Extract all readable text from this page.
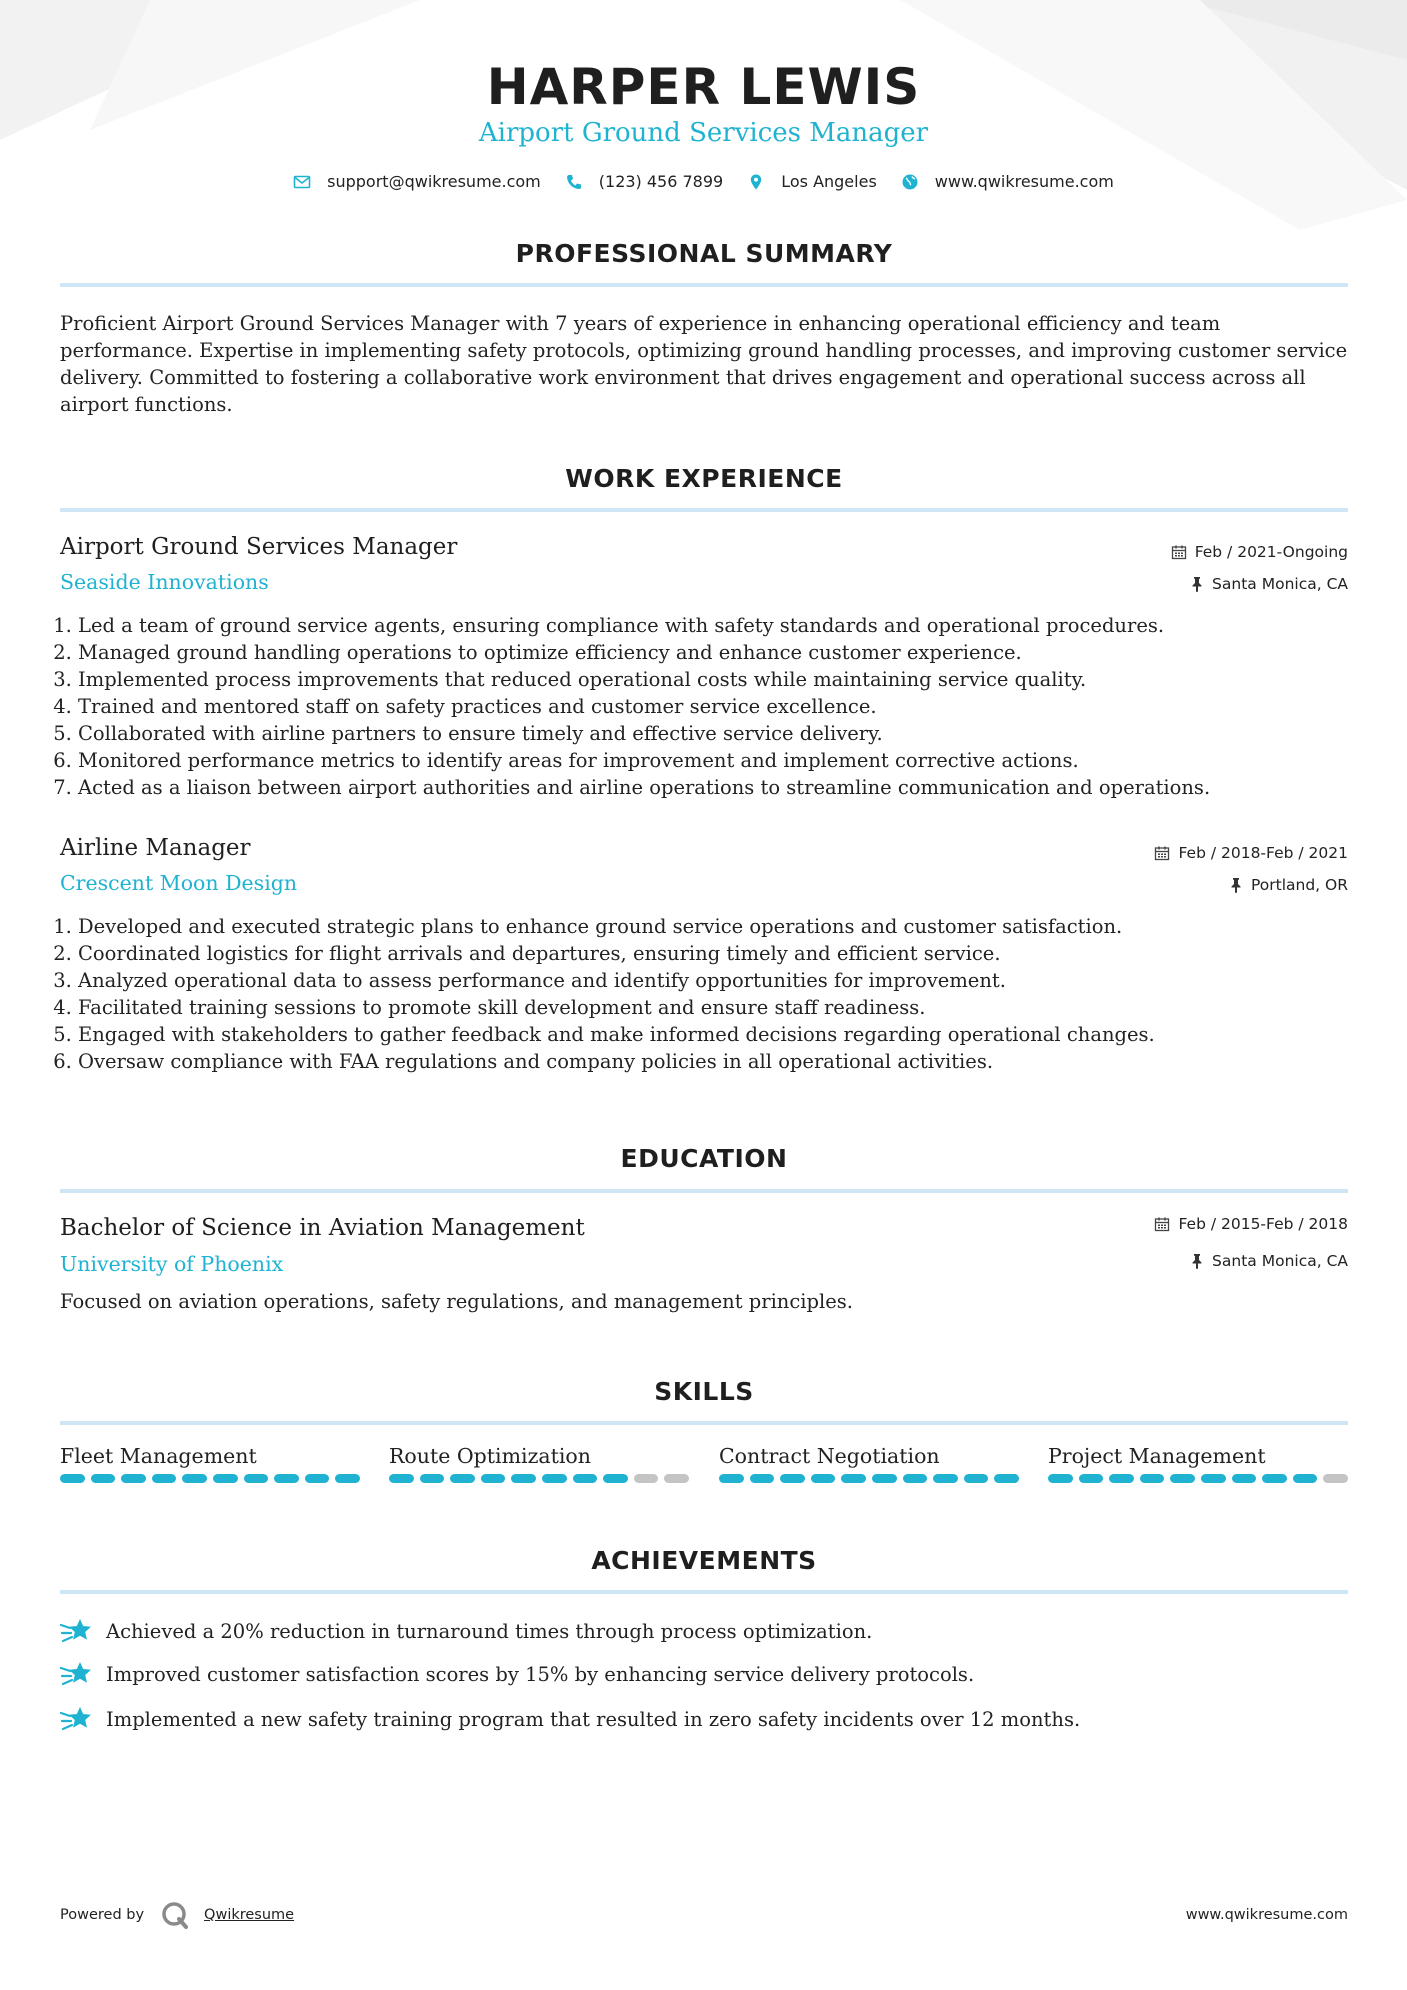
HARPER LEWIS
Airport Ground Services Manager
support@qwikresume.com	(123) 456 7899	Los Angeles	www.qwikresume.com
PROFESSIONAL SUMMARY
Proficient Airport Ground Services Manager with 7 years of experience in enhancing operational efficiency and team performance. Expertise in implementing safety protocols, optimizing ground handling processes, and improving customer service delivery. Committed to fostering a collaborative work environment that drives engagement and operational success across all airport functions.
WORK EXPERIENCE
Airport Ground Services Manager
Seaside Innovations
Feb / 2021-Ongoing
Santa Monica, CA
1. Led a team of ground service agents, ensuring compliance with safety standards and operational procedures.
2. Managed ground handling operations to optimize efficiency and enhance customer experience.
3. Implemented process improvements that reduced operational costs while maintaining service quality.
4. Trained and mentored staff on safety practices and customer service excellence.
5. Collaborated with airline partners to ensure timely and effective service delivery.
6. Monitored performance metrics to identify areas for improvement and implement corrective actions.
7. Acted as a liaison between airport authorities and airline operations to streamline communication and operations.
Airline Manager
Crescent Moon Design
Feb / 2018-Feb / 2021
Portland, OR
1. Developed and executed strategic plans to enhance ground service operations and customer satisfaction.
2. Coordinated logistics for flight arrivals and departures, ensuring timely and efficient service.
3. Analyzed operational data to assess performance and identify opportunities for improvement.
4. Facilitated training sessions to promote skill development and ensure staff readiness.
5. Engaged with stakeholders to gather feedback and make informed decisions regarding operational changes.
6. Oversaw compliance with FAA regulations and company policies in all operational activities.
EDUCATION
Bachelor of Science in Aviation Management
University of Phoenix
Feb / 2015-Feb / 2018
Santa Monica, CA
Focused on aviation operations, safety regulations, and management principles.
SKILLS
Fleet Management	Route Optimization	Contract Negotiation	Project Management
ACHIEVEMENTS
Achieved a 20% reduction in turnaround times through process optimization.
Improved customer satisfaction scores by 15% by enhancing service delivery protocols.
Implemented a new safety training program that resulted in zero safety incidents over 12 months.
Powered by	Qwikresume	www.qwikresume.com
